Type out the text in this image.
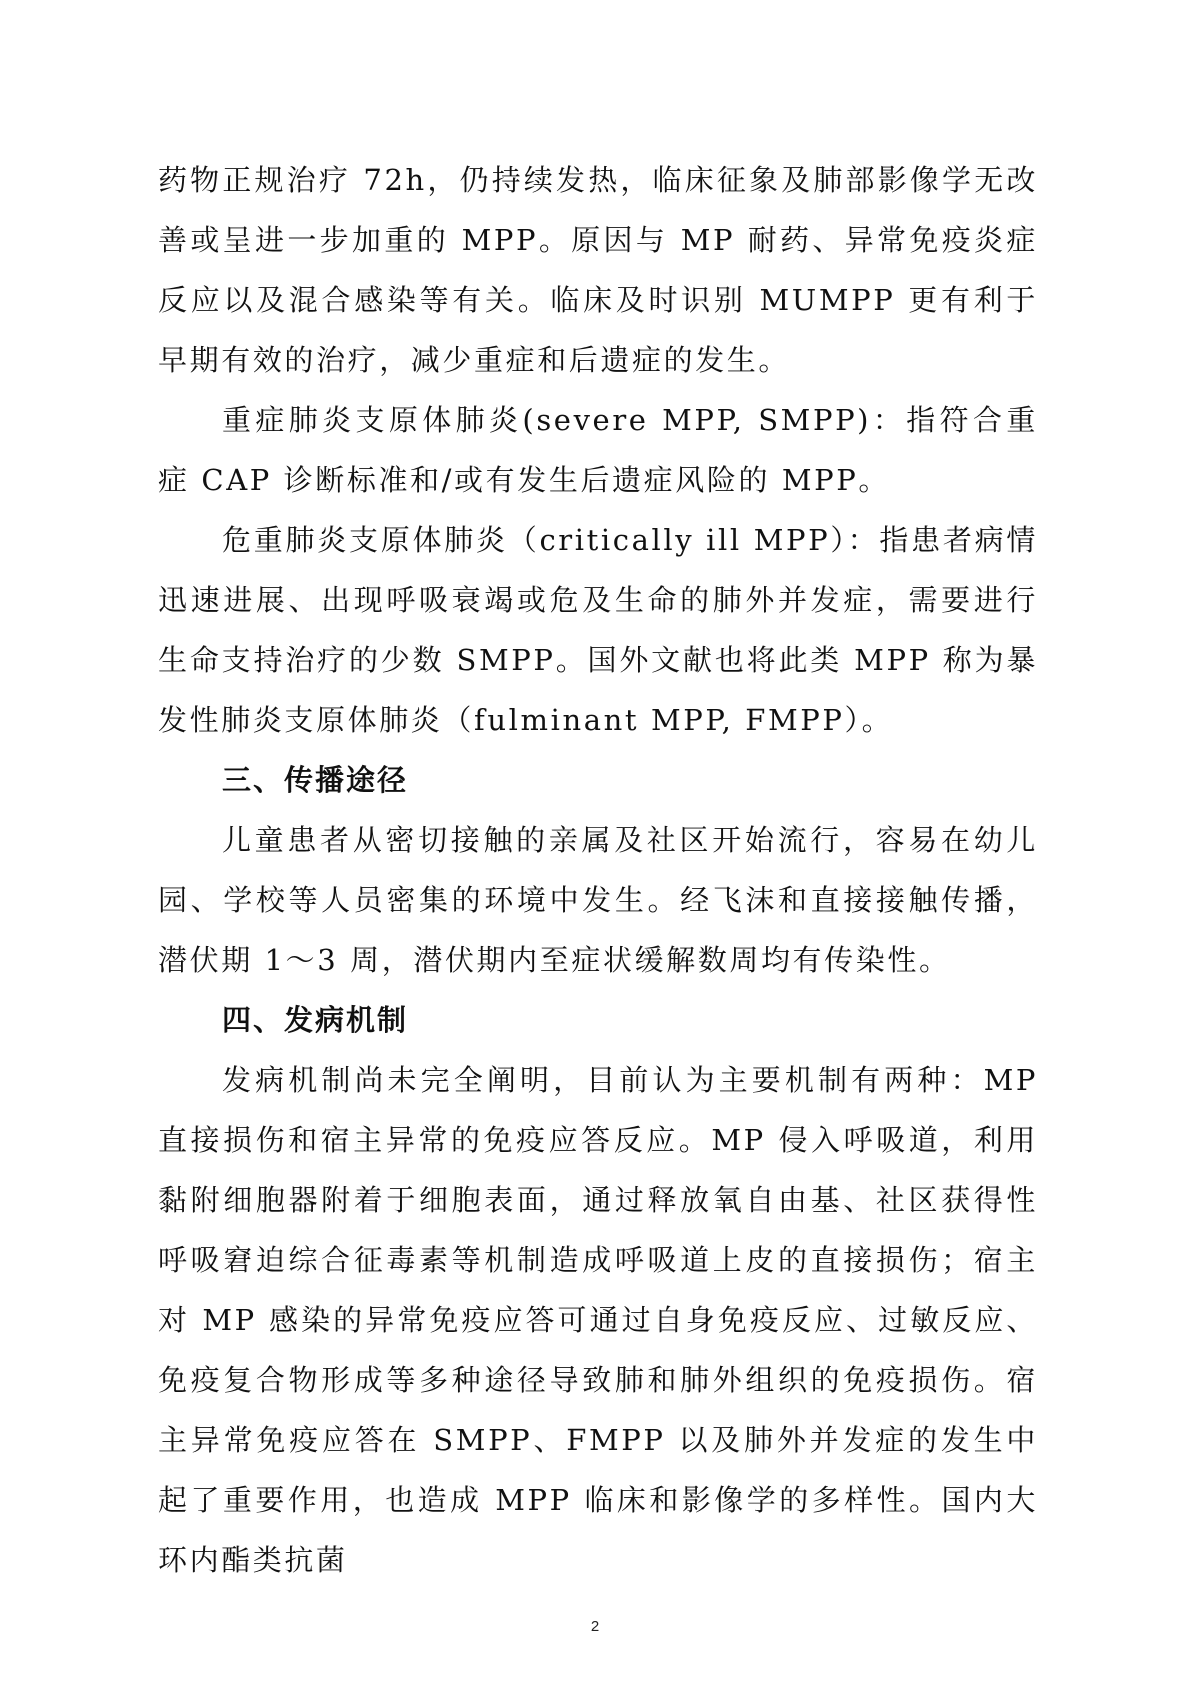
药物正规治疗 72h，仍持续发热，临床征象及肺部影像学无改善或呈进一步加重的 MPP。原因与 MP 耐药、异常免疫炎症反应以及混合感染等有关。临床及时识别 MUMPP 更有利于早期有效的治疗，减少重症和后遗症的发生。

重症肺炎支原体肺炎(severe MPP, SMPP)：指符合重症 CAP 诊断标准和/或有发生后遗症风险的 MPP。

危重肺炎支原体肺炎（critically ill MPP）：指患者病情迅速进展、出现呼吸衰竭或危及生命的肺外并发症，需要进行生命支持治疗的少数 SMPP。国外文献也将此类 MPP 称为暴发性肺炎支原体肺炎（fulminant MPP, FMPP）。

三、传播途径

儿童患者从密切接触的亲属及社区开始流行，容易在幼儿园、学校等人员密集的环境中发生。经飞沫和直接接触传播，潜伏期 1～3 周，潜伏期内至症状缓解数周均有传染性。

四、发病机制

发病机制尚未完全阐明，目前认为主要机制有两种：MP 直接损伤和宿主异常的免疫应答反应。MP 侵入呼吸道，利用黏附细胞器附着于细胞表面，通过释放氧自由基、社区获得性呼吸窘迫综合征毒素等机制造成呼吸道上皮的直接损伤；宿主对 MP 感染的异常免疫应答可通过自身免疫反应、过敏反应、免疫复合物形成等多种途径导致肺和肺外组织的免疫损伤。宿主异常免疫应答在 SMPP、FMPP 以及肺外并发症的发生中起了重要作用，也造成 MPP 临床和影像学的多样性。国内大环内酯类抗菌

2
